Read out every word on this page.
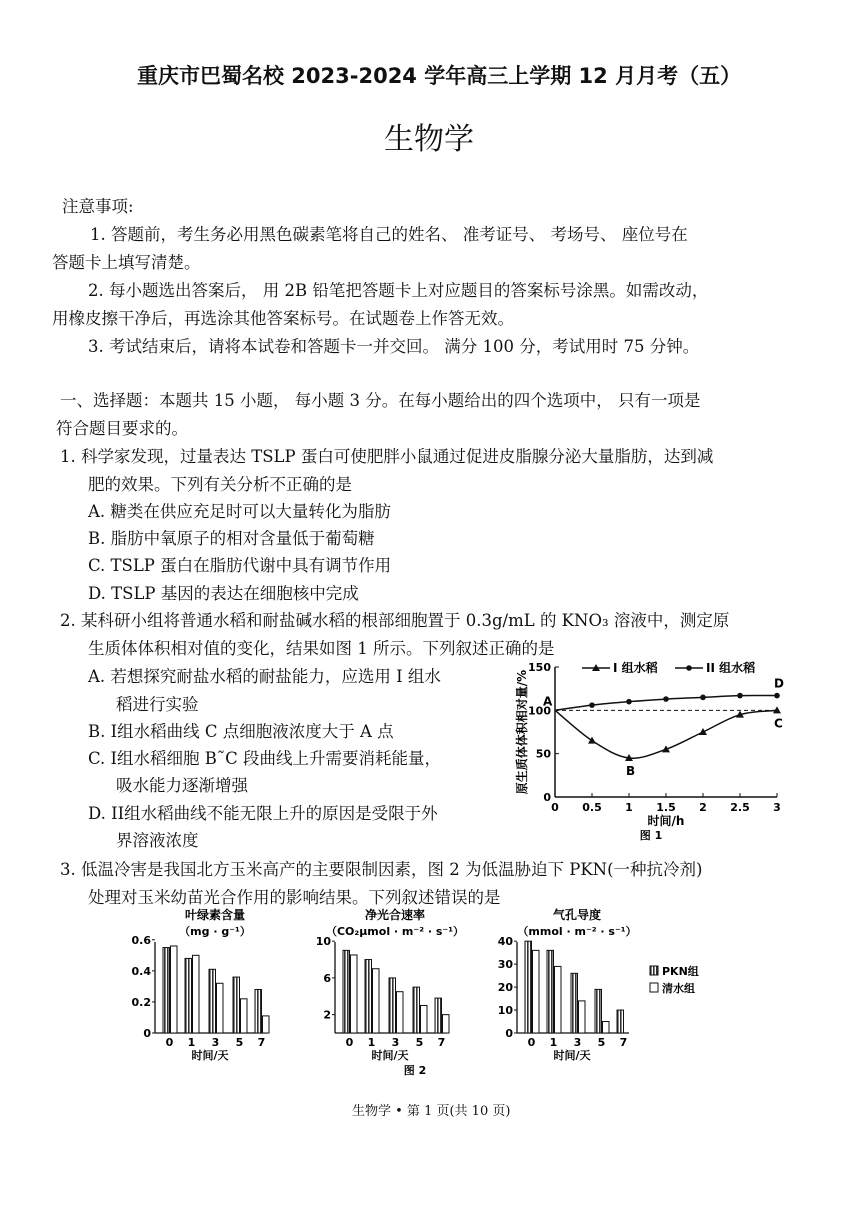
重庆市巴蜀名校 2023-2024 学年高三上学期 12 月月考（五）
生物学
注意事项:
1. 答题前，考生务必用黑色碳素笔将自己的姓名、 准考证号、 考场号、 座位号在
答题卡上填写清楚。
2. 每小题选出答案后， 用 2B 铅笔把答题卡上对应题目的答案标号涂黑。如需改动，
用橡皮擦干净后，再选涂其他答案标号。在试题卷上作答无效。
3. 考试结束后，请将本试卷和答题卡一并交回。 满分 100 分，考试用时 75 分钟。
一、选择题：本题共 15 小题， 每小题 3 分。在每小题给出的四个选项中， 只有一项是
符合题目要求的。
1. 科学家发现，过量表达 TSLP 蛋白可使肥胖小鼠通过促进皮脂腺分泌大量脂肪，达到减
肥的效果。下列有关分析不正确的是
A. 糖类在供应充足时可以大量转化为脂肪
B. 脂肪中氧原子的相对含量低于葡萄糖
C. TSLP 蛋白在脂肪代谢中具有调节作用
D. TSLP 基因的表达在细胞核中完成
2. 某科研小组将普通水稻和耐盐碱水稻的根部细胞置于 0.3g/mL 的 KNO₃ 溶液中，测定原
生质体体积相对值的变化，结果如图 1 所示。下列叙述正确的是
A. 若想探究耐盐水稻的耐盐能力，应选用 I 组水
稻进行实验
B. I组水稻曲线 C 点细胞液浓度大于 A 点
C. I组水稻细胞 B˜C 段曲线上升需要消耗能量，
吸水能力逐渐增强
D. II组水稻曲线不能无限上升的原因是受限于外
界溶液浓度
0
50
100
150
0 0.5 1 1.5 2 2.5 3
A
B
C
D
I 组水稻	II 组水稻
原生质体体积相对量/%
时间/h
图 1
3. 低温冷害是我国北方玉米高产的主要限制因素，图 2 为低温胁迫下 PKN(一种抗冷剂)
处理对玉米幼苗光合作用的影响结果。下列叙述错误的是
叶绿素含量
（mg · g⁻¹）
0
0.2
0.4
0.6
0 1 3 5 7
时间/天
净光合速率
（CO₂μmol · m⁻² · s⁻¹）
2
6
10
0 1 3 5 7
时间/天
气孔导度
（mmol · m⁻² · s⁻¹）
0
10
20
30
40
0 1 3 5 7
时间/天
PKN组
清水组
图 2
生物学 • 第 1 页(共 10 页)
